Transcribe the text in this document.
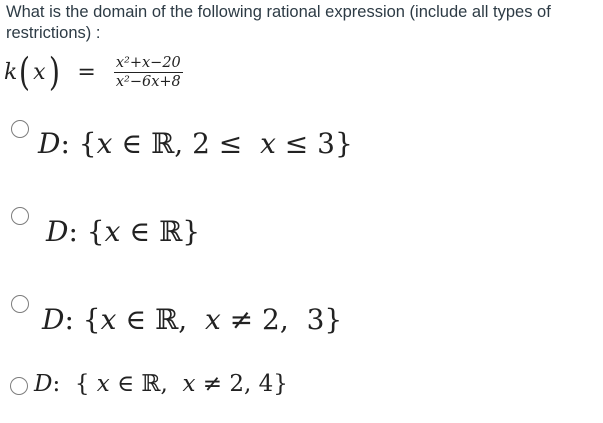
What is the domain of the following rational expression (include all types of restrictions) :
k ( x ) = $\frac{\text{x²+x−20}}{\text{x²−6x+8}}$
D: {x ∈ ℝ, 2 ≤ x ≤ 3}
D: {x ∈ ℝ}
D: {x ∈ ℝ, x ≠ 2, 3}
D: { x ∈ ℝ, x ≠ 2, 4}
